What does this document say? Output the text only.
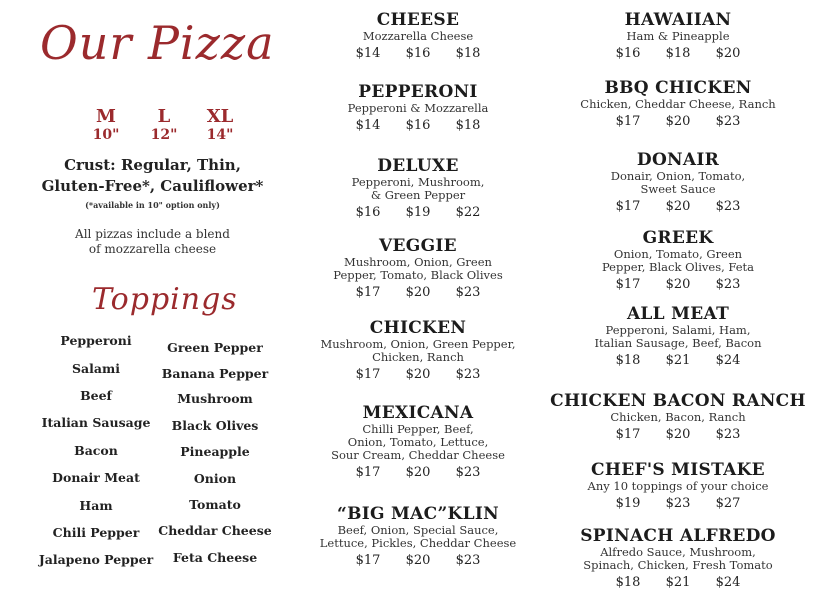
Our Pizza
M
10"
L
12"
XL
14"
Crust: Regular, Thin,
Gluten-Free*, Cauliflower*
(*available in 10" option only)
All pizzas include a blend
of mozzarella cheese
Toppings
Pepperoni
Salami
Beef
Italian Sausage
Bacon
Donair Meat
Ham
Chili Pepper
Jalapeno Pepper
Green Pepper
Banana Pepper
Mushroom
Black Olives
Pineapple
Onion
Tomato
Cheddar Cheese
Feta Cheese
CHEESE
Mozzarella Cheese
$14 $16 $18
PEPPERONI
Pepperoni & Mozzarella
$14 $16 $18
DELUXE
Pepperoni, Mushroom,
& Green Pepper
$16 $19 $22
VEGGIE
Mushroom, Onion, Green
Pepper, Tomato, Black Olives
$17 $20 $23
CHICKEN
Mushroom, Onion, Green Pepper,
Chicken, Ranch
$17 $20 $23
MEXICANA
Chilli Pepper, Beef,
Onion, Tomato, Lettuce,
Sour Cream, Cheddar Cheese
$17 $20 $23
“BIG MAC”KLIN
Beef, Onion, Special Sauce,
Lettuce, Pickles, Cheddar Cheese
$17 $20 $23
HAWAIIAN
Ham & Pineapple
$16 $18 $20
BBQ CHICKEN
Chicken, Cheddar Cheese, Ranch
$17 $20 $23
DONAIR
Donair, Onion, Tomato,
Sweet Sauce
$17 $20 $23
GREEK
Onion, Tomato, Green
Pepper, Black Olives, Feta
$17 $20 $23
ALL MEAT
Pepperoni, Salami, Ham,
Italian Sausage, Beef, Bacon
$18 $21 $24
CHICKEN BACON RANCH
Chicken, Bacon, Ranch
$17 $20 $23
CHEF'S MISTAKE
Any 10 toppings of your choice
$19 $23 $27
SPINACH ALFREDO
Alfredo Sauce, Mushroom,
Spinach, Chicken, Fresh Tomato
$18 $21 $24
